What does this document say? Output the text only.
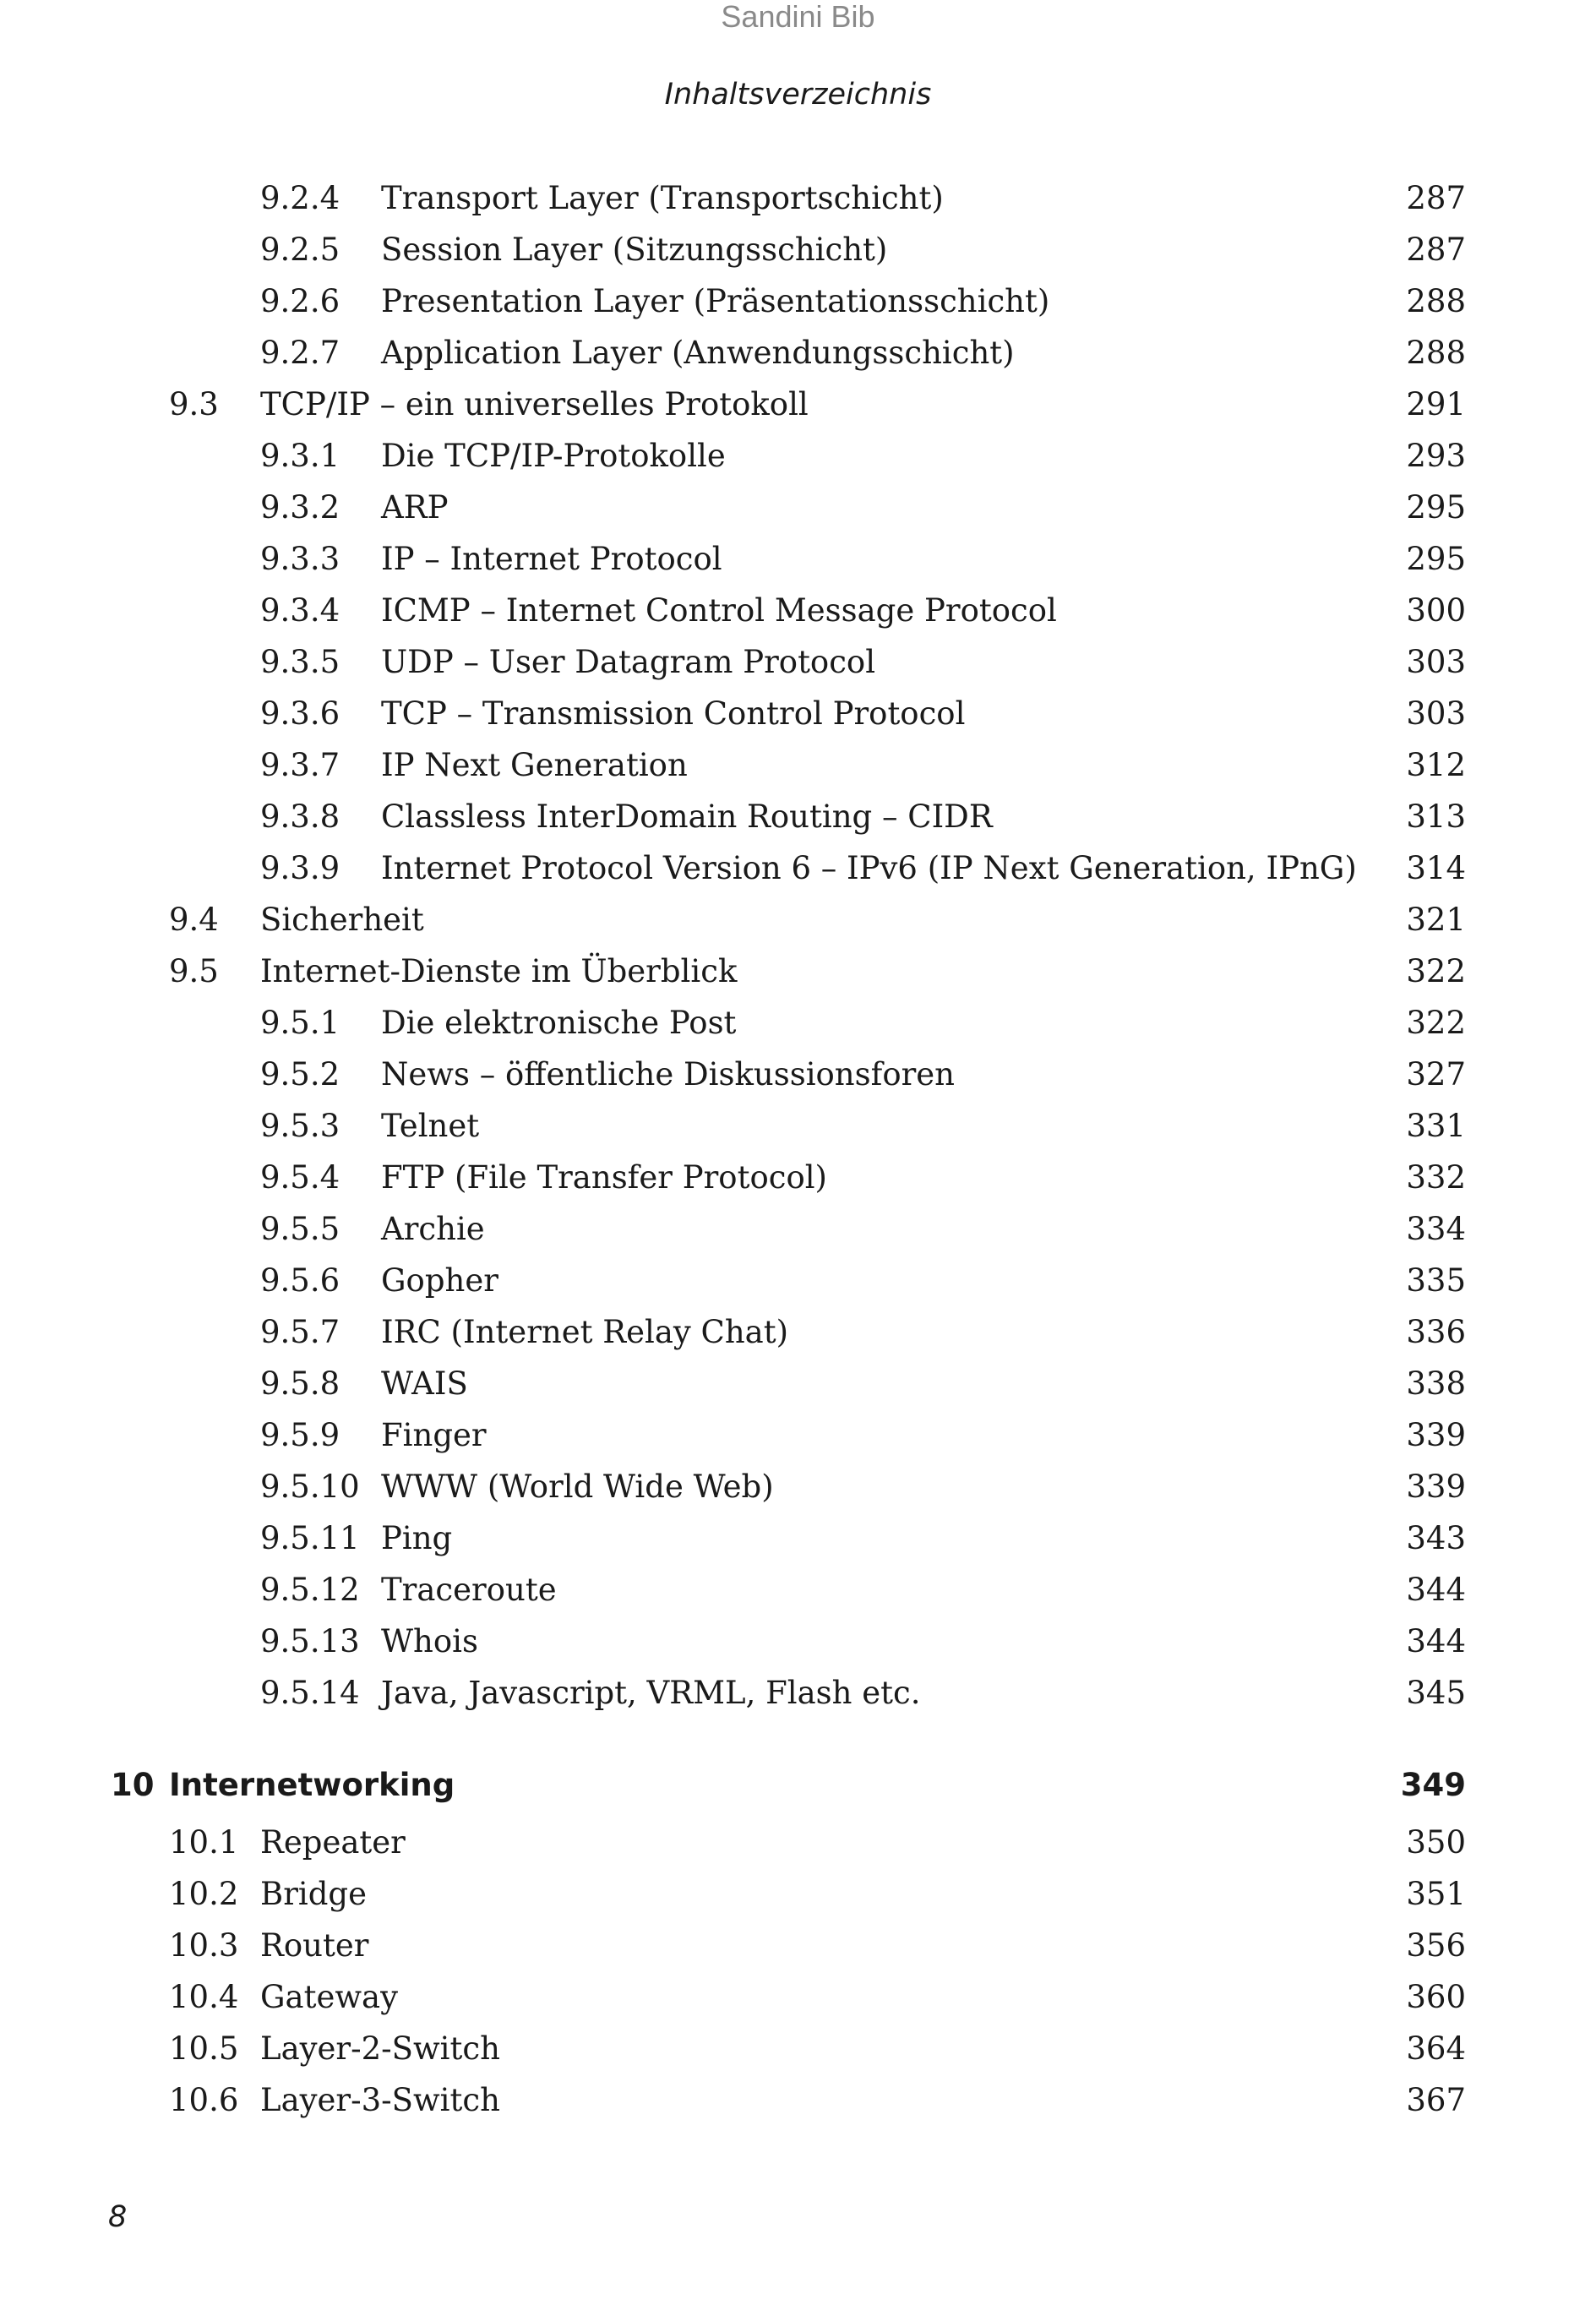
Sandini Bib
Inhaltsverzeichnis
9.2.4 Transport Layer (Transportschicht)	287
9.2.5 Session Layer (Sitzungsschicht)	287
9.2.6 Presentation Layer (Präsentationsschicht)	288
9.2.7 Application Layer (Anwendungsschicht)	288
9.3 TCP/IP – ein universelles Protokoll	291
9.3.1 Die TCP/IP-Protokolle	293
9.3.2 ARP	295
9.3.3 IP – Internet Protocol	295
9.3.4 ICMP – Internet Control Message Protocol	300
9.3.5 UDP – User Datagram Protocol	303
9.3.6 TCP – Transmission Control Protocol	303
9.3.7 IP Next Generation	312
9.3.8 Classless InterDomain Routing – CIDR	313
9.3.9 Internet Protocol Version 6 – IPv6 (IP Next Generation, IPnG) 314
9.4 Sicherheit	321
9.5 Internet-Dienste im Überblick	322
9.5.1 Die elektronische Post	322
9.5.2 News – öffentliche Diskussionsforen	327
9.5.3 Telnet	331
9.5.4 FTP (File Transfer Protocol)	332
9.5.5 Archie	334
9.5.6 Gopher	335
9.5.7 IRC (Internet Relay Chat)	336
9.5.8 WAIS	338
9.5.9 Finger	339
9.5.10 WWW (World Wide Web)	339
9.5.11 Ping	343
9.5.12 Traceroute	344
9.5.13 Whois	344
9.5.14 Java, Javascript, VRML, Flash etc.	345
10 Internetworking	349
10.1 Repeater	350
10.2 Bridge	351
10.3 Router	356
10.4 Gateway	360
10.5 Layer-2-Switch	364
10.6 Layer-3-Switch	367
8
